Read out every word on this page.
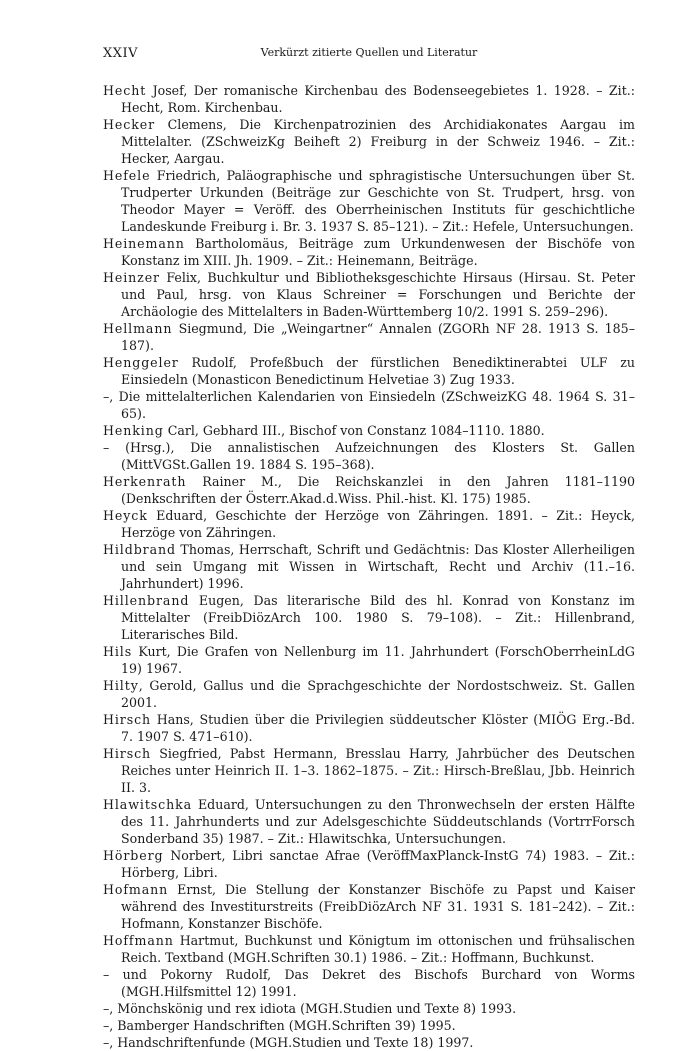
XXIV	Verkürzt zitierte Quellen und Literatur

Hecht Josef, Der romanische Kirchenbau des Bodenseegebietes 1. 1928. – Zit.: Hecht, Rom. Kirchenbau.

Hecker Clemens, Die Kirchenpatrozinien des Archidiakonates Aargau im Mittelalter. (ZSchweizKg Beiheft 2) Freiburg in der Schweiz 1946. – Zit.: Hecker, Aargau.

Hefele Friedrich, Paläographische und sphragistische Untersuchungen über St. Trudperter Urkunden (Beiträge zur Geschichte von St. Trudpert, hrsg. von Theodor Mayer = Veröff. des Oberrheinischen Instituts für geschichtliche Landeskunde Freiburg i. Br. 3. 1937 S. 85–121). – Zit.: Hefele, Untersuchungen.

Heinemann Bartholomäus, Beiträge zum Urkundenwesen der Bischöfe von Konstanz im XIII. Jh. 1909. – Zit.: Heinemann, Beiträge.

Heinzer Felix, Buchkultur und Bibliotheksgeschichte Hirsaus (Hirsau. St. Peter und Paul, hrsg. von Klaus Schreiner = Forschungen und Berichte der Archäologie des Mittelalters in Baden-Württemberg 10/2. 1991 S. 259–296).

Hellmann Siegmund, Die „Weingartner“ Annalen (ZGORh NF 28. 1913 S. 185–187).

Henggeler Rudolf, Profeßbuch der fürstlichen Benediktinerabtei ULF zu Einsiedeln (Monasticon Benedictinum Helvetiae 3) Zug 1933.

–, Die mittelalterlichen Kalendarien von Einsiedeln (ZSchweizKG 48. 1964 S. 31–65).

Henking Carl, Gebhard III., Bischof von Constanz 1084–1110. 1880.

– (Hrsg.), Die annalistischen Aufzeichnungen des Klosters St. Gallen (MittVGSt.Gallen 19. 1884 S. 195–368).

Herkenrath Rainer M., Die Reichskanzlei in den Jahren 1181–1190 (Denkschriften der Österr.Akad.d.Wiss. Phil.-hist. Kl. 175) 1985.

Heyck Eduard, Geschichte der Herzöge von Zähringen. 1891. – Zit.: Heyck, Herzöge von Zähringen.

Hildbrand Thomas, Herrschaft, Schrift und Gedächtnis: Das Kloster Allerheiligen und sein Umgang mit Wissen in Wirtschaft, Recht und Archiv (11.–16. Jahrhundert) 1996.

Hillenbrand Eugen, Das literarische Bild des hl. Konrad von Konstanz im Mittelalter (FreibDiözArch 100. 1980 S. 79–108). – Zit.: Hillenbrand, Literarisches Bild.

Hils Kurt, Die Grafen von Nellenburg im 11. Jahrhundert (ForschOberrheinLdG 19) 1967.

Hilty, Gerold, Gallus und die Sprachgeschichte der Nordostschweiz. St. Gallen 2001.

Hirsch Hans, Studien über die Privilegien süddeutscher Klöster (MIÖG Erg.-Bd. 7. 1907 S. 471–610).

Hirsch Siegfried, Pabst Hermann, Bresslau Harry, Jahrbücher des Deutschen Reiches unter Heinrich II. 1–3. 1862–1875. – Zit.: Hirsch-Breßlau, Jbb. Heinrich II. 3.

Hlawitschka Eduard, Untersuchungen zu den Thronwechseln der ersten Hälfte des 11. Jahrhunderts und zur Adelsgeschichte Süddeutschlands (VortrrForsch Sonderband 35) 1987. – Zit.: Hlawitschka, Untersuchungen.

Hörberg Norbert, Libri sanctae Afrae (VeröffMaxPlanck-InstG 74) 1983. – Zit.: Hörberg, Libri.

Hofmann Ernst, Die Stellung der Konstanzer Bischöfe zu Papst und Kaiser während des Investiturstreits (FreibDiözArch NF 31. 1931 S. 181–242). – Zit.: Hofmann, Konstanzer Bischöfe.

Hoffmann Hartmut, Buchkunst und Königtum im ottonischen und frühsalischen Reich. Textband (MGH.Schriften 30.1) 1986. – Zit.: Hoffmann, Buchkunst.

– und Pokorny Rudolf, Das Dekret des Bischofs Burchard von Worms (MGH.Hilfsmittel 12) 1991.

–, Mönchskönig und rex idiota (MGH.Studien und Texte 8) 1993.

–, Bamberger Handschriften (MGH.Schriften 39) 1995.

–, Handschriftenfunde (MGH.Studien und Texte 18) 1997.
